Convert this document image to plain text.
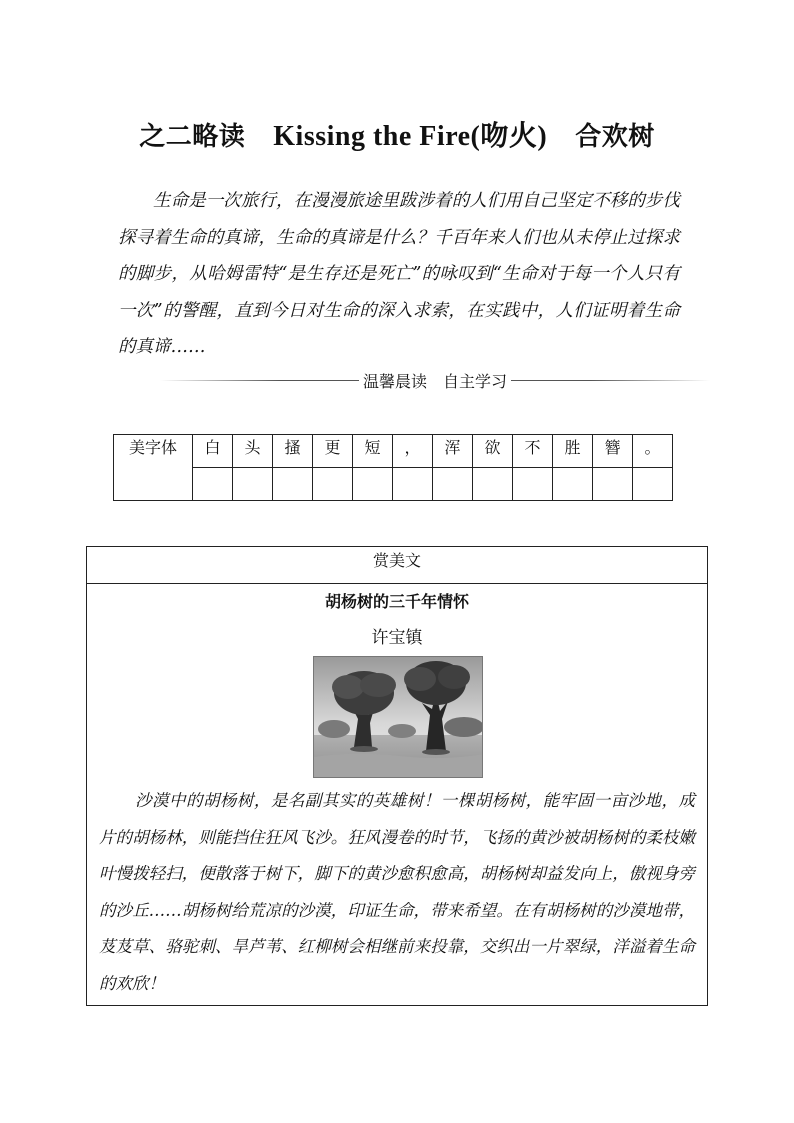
之二略读 Kissing the Fire(吻火) 合欢树

生命是一次旅行，在漫漫旅途里跋涉着的人们用自己坚定不移的步伐探寻着生命的真谛，生命的真谛是什么？千百年来人们也从未停止过探求的脚步，从哈姆雷特“是生存还是死亡”的咏叹到“生命对于每一个人只有一次”的警醒，直到今日对生命的深入求索，在实践中，人们证明着生命的真谛……

温馨晨读　自主学习
美字体	白	头	搔	更	短	，	浑	欲	不	胜	簪	。

赏美文
胡杨树的三千年情怀
许宝镇

沙漠中的胡杨树，是名副其实的英雄树！一棵胡杨树，能牢固一亩沙地，成片的胡杨林，则能挡住狂风飞沙。狂风漫卷的时节，飞扬的黄沙被胡杨树的柔枝嫩叶慢拨轻扫，便散落于树下，脚下的黄沙愈积愈高，胡杨树却益发向上，傲视身旁的沙丘……胡杨树给荒凉的沙漠，印证生命，带来希望。在有胡杨树的沙漠地带，芨芨草、骆驼刺、旱芦苇、红柳树会相继前来投靠，交织出一片翠绿，洋溢着生命的欢欣！
